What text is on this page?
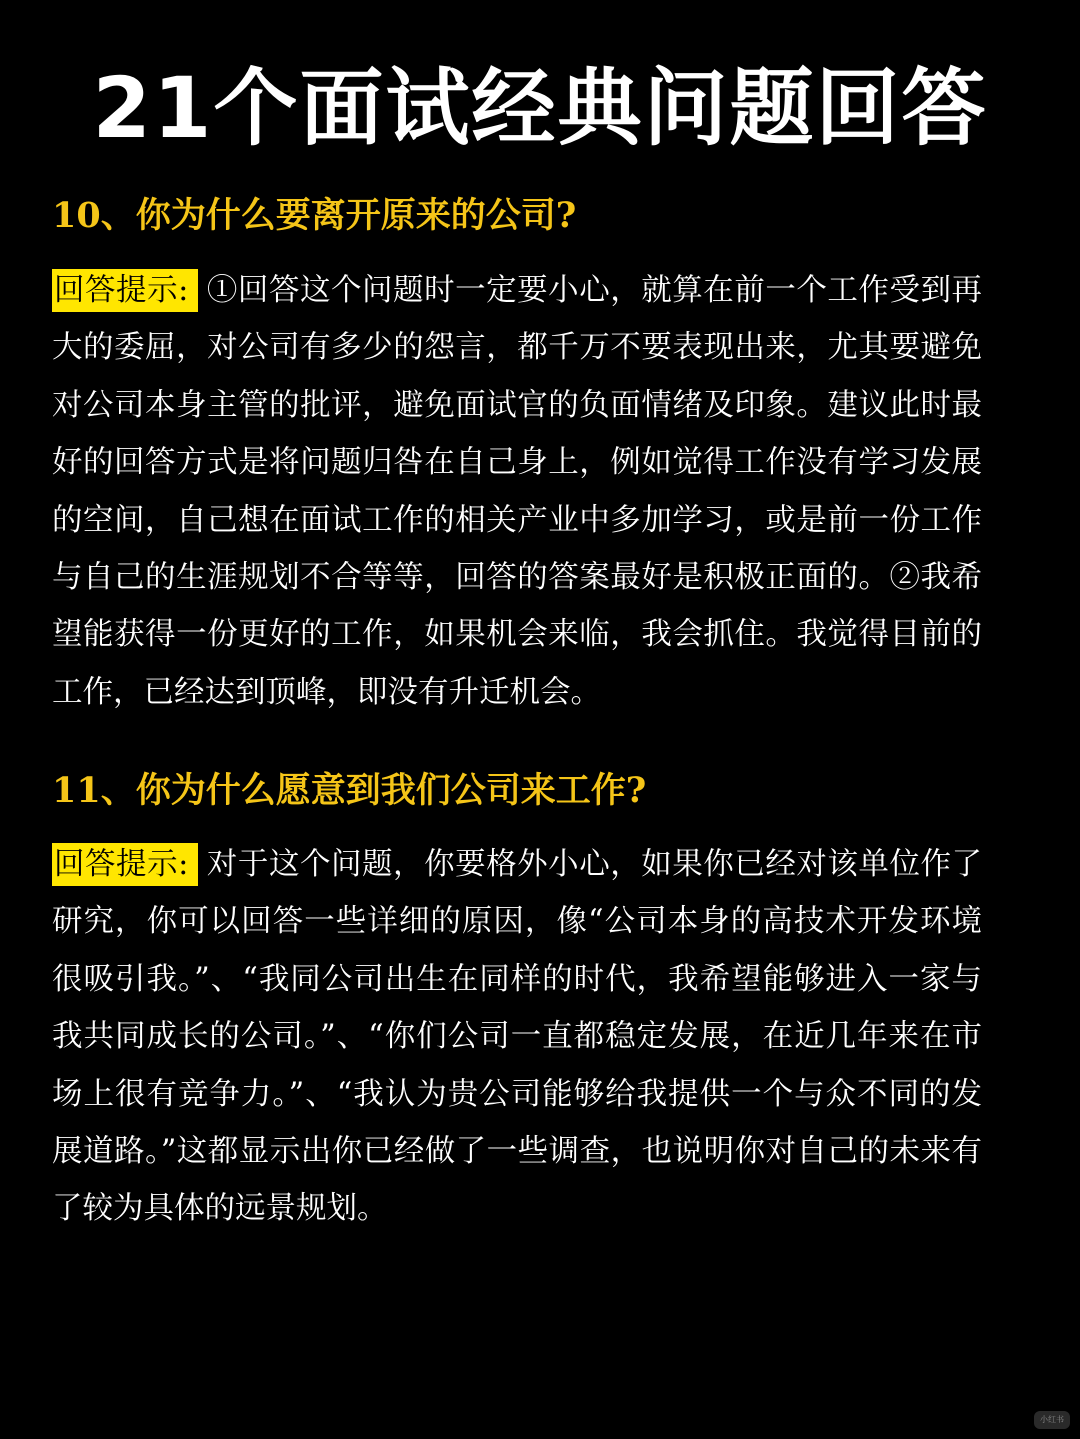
21个面试经典问题回答
10、你为什么要离开原来的公司?
回答提示: ①回答这个问题时一定要小心，就算在前一个工作受到再大的委屈，对公司有多少的怨言，都千万不要表现出来，尤其要避免对公司本身主管的批评，避免面试官的负面情绪及印象。建议此时最好的回答方式是将问题归咎在自己身上，例如觉得工作没有学习发展的空间，自己想在面试工作的相关产业中多加学习，或是前一份工作与自己的生涯规划不合等等，回答的答案最好是积极正面的。②我希望能获得一份更好的工作，如果机会来临，我会抓住。我觉得目前的工作，已经达到顶峰，即没有升迁机会。
11、你为什么愿意到我们公司来工作?
回答提示: 对于这个问题，你要格外小心，如果你已经对该单位作了研究，你可以回答一些详细的原因，像“公司本身的高技术开发环境很吸引我。”、“我同公司出生在同样的时代，我希望能够进入一家与我共同成长的公司。”、“你们公司一直都稳定发展，在近几年来在市场上很有竞争力。”、“我认为贵公司能够给我提供一个与众不同的发展道路。”这都显示出你已经做了一些调查，也说明你对自己的未来有了较为具体的远景规划。
小红书
